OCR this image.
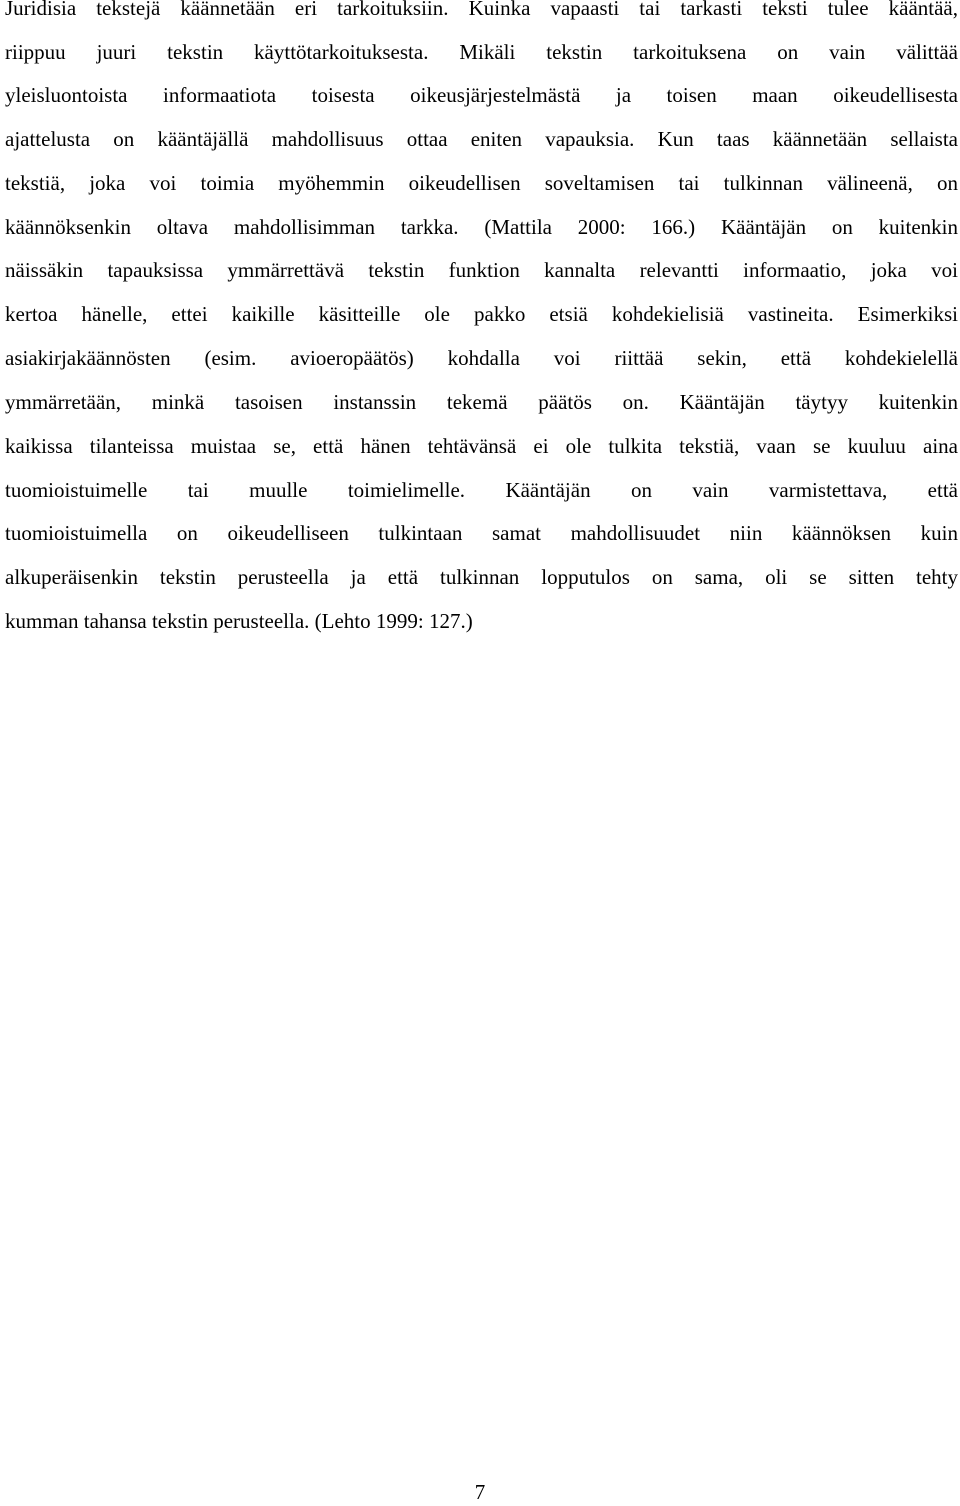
Juridisia tekstejä käännetään eri tarkoituksiin. Kuinka vapaasti tai tarkasti teksti tulee kääntää,

riippuu juuri tekstin käyttötarkoituksesta. Mikäli tekstin tarkoituksena on vain välittää

yleisluontoista informaatiota toisesta oikeusjärjestelmästä ja toisen maan oikeudellisesta

ajattelusta on kääntäjällä mahdollisuus ottaa eniten vapauksia. Kun taas käännetään sellaista

tekstiä, joka voi toimia myöhemmin oikeudellisen soveltamisen tai tulkinnan välineenä, on

käännöksenkin oltava mahdollisimman tarkka. (Mattila 2000: 166.) Kääntäjän on kuitenkin

näissäkin tapauksissa ymmärrettävä tekstin funktion kannalta relevantti informaatio, joka voi

kertoa hänelle, ettei kaikille käsitteille ole pakko etsiä kohdekielisiä vastineita. Esimerkiksi

asiakirjakäännösten (esim. avioeropäätös) kohdalla voi riittää sekin, että kohdekielellä

ymmärretään, minkä tasoisen instanssin tekemä päätös on. Kääntäjän täytyy kuitenkin

kaikissa tilanteissa muistaa se, että hänen tehtävänsä ei ole tulkita tekstiä, vaan se kuuluu aina

tuomioistuimelle tai muulle toimielimelle. Kääntäjän on vain varmistettava, että

tuomioistuimella on oikeudelliseen tulkintaan samat mahdollisuudet niin käännöksen kuin

alkuperäisenkin tekstin perusteella ja että tulkinnan lopputulos on sama, oli se sitten tehty

kumman tahansa tekstin perusteella. (Lehto 1999: 127.)

7
